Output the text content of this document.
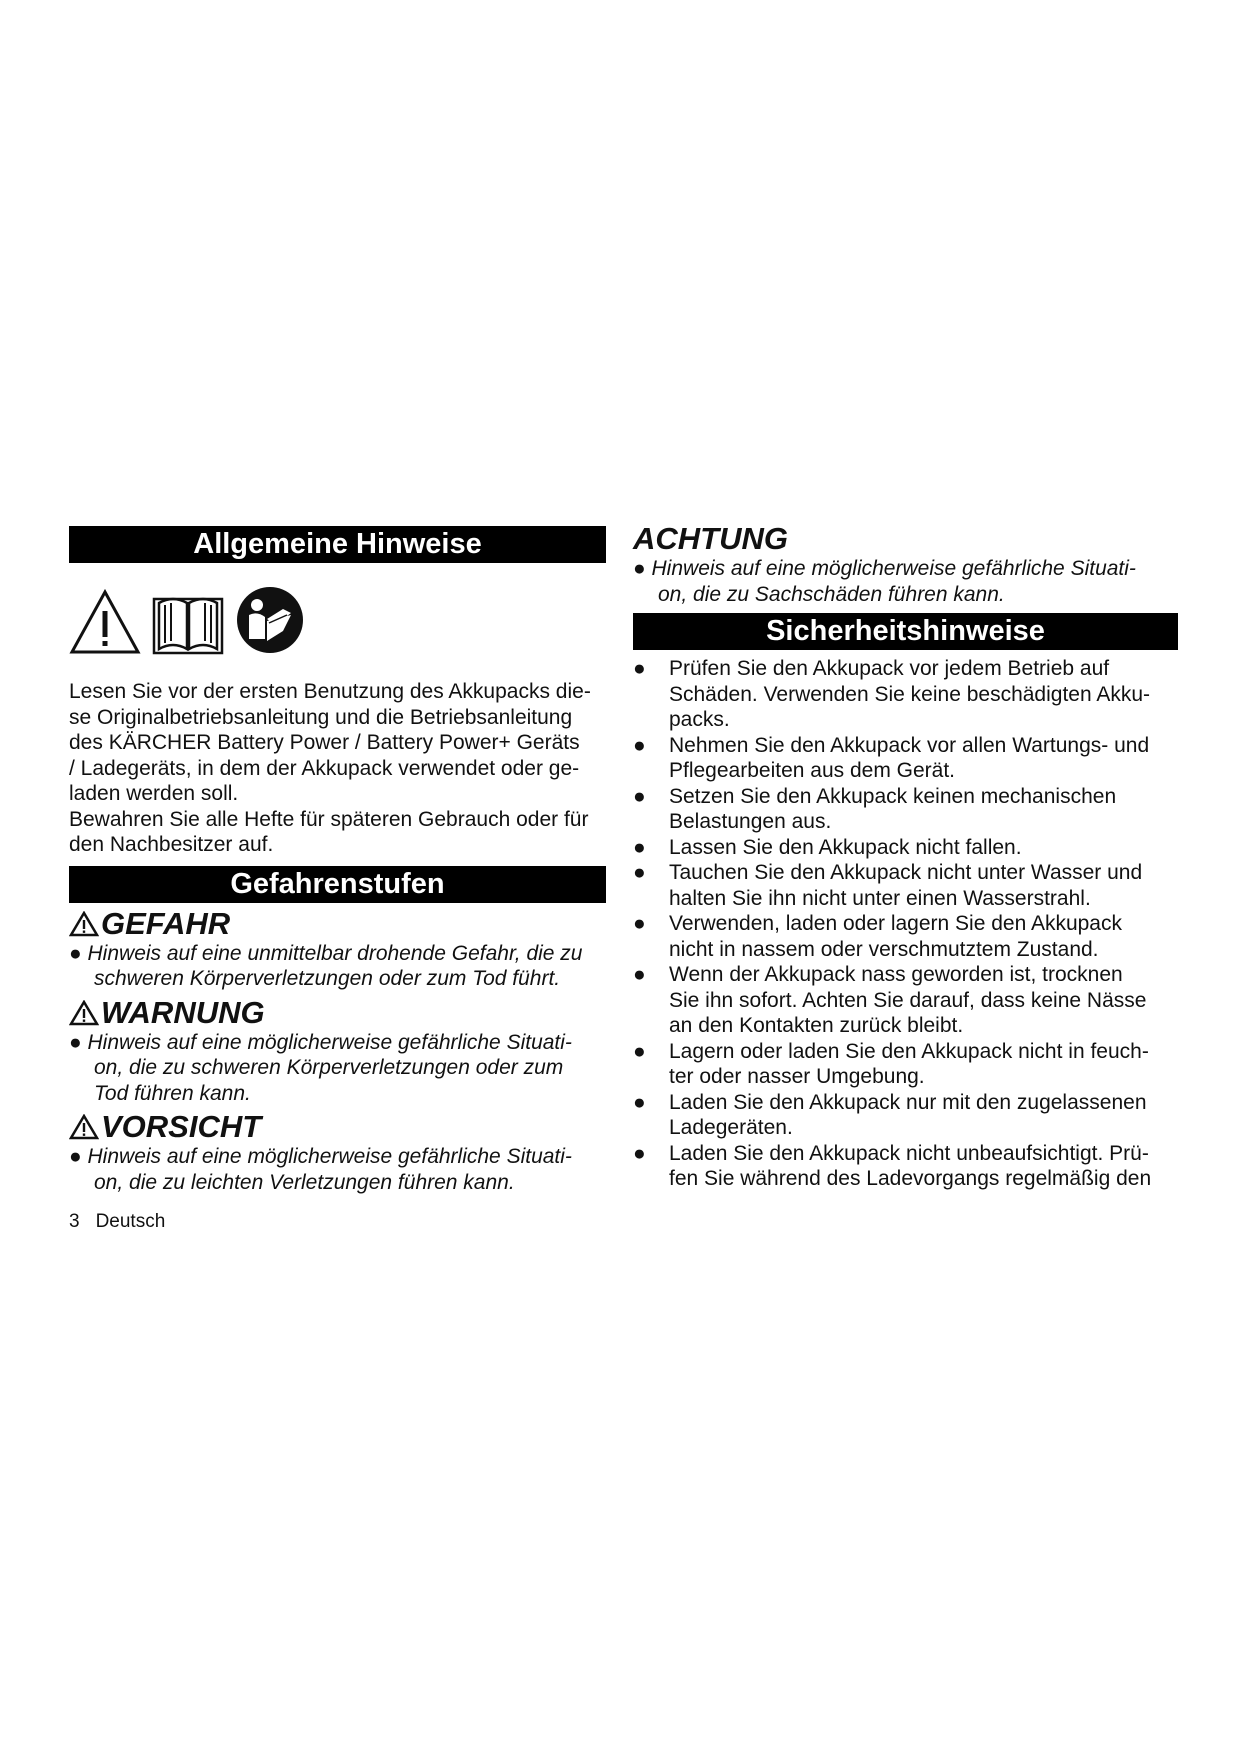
Allgemeine Hinweise

Lesen Sie vor der ersten Benutzung des Akkupacks die-

se Originalbetriebsanleitung und die Betriebsanleitung

des KÄRCHER Battery Power / Battery Power+ Geräts

/ Ladegeräts, in dem der Akkupack verwendet oder ge-

laden werden soll.

Bewahren Sie alle Hefte für späteren Gebrauch oder für

den Nachbesitzer auf.

Gefahrenstufen
GEFAHR

● Hinweis auf eine unmittelbar drohende Gefahr, die zu

schweren Körperverletzungen oder zum Tod führt.

WARNUNG

● Hinweis auf eine möglicherweise gefährliche Situati-

on, die zu schweren Körperverletzungen oder zum

Tod führen kann.

VORSICHT

● Hinweis auf eine möglicherweise gefährliche Situati-

on, die zu leichten Verletzungen führen kann.

ACHTUNG

● Hinweis auf eine möglicherweise gefährliche Situati-

on, die zu Sachschäden führen kann.

Sicherheitshinweise
●	Prüfen Sie den Akkupack vor jedem Betrieb auf
Schäden. Verwenden Sie keine beschädigten Akku-
packs.
●	Nehmen Sie den Akkupack vor allen Wartungs- und
Pflegearbeiten aus dem Gerät.
●	Setzen Sie den Akkupack keinen mechanischen
Belastungen aus.
●	Lassen Sie den Akkupack nicht fallen.
●	Tauchen Sie den Akkupack nicht unter Wasser und
halten Sie ihn nicht unter einen Wasserstrahl.
●	Verwenden, laden oder lagern Sie den Akkupack
nicht in nassem oder verschmutztem Zustand.
●	Wenn der Akkupack nass geworden ist, trocknen
Sie ihn sofort. Achten Sie darauf, dass keine Nässe
an den Kontakten zurück bleibt.
●	Lagern oder laden Sie den Akkupack nicht in feuch-
ter oder nasser Umgebung.
●	Laden Sie den Akkupack nur mit den zugelassenen
Ladegeräten.
●	Laden Sie den Akkupack nicht unbeaufsichtigt. Prü-
fen Sie während des Ladevorgangs regelmäßig den
3 Deutsch
